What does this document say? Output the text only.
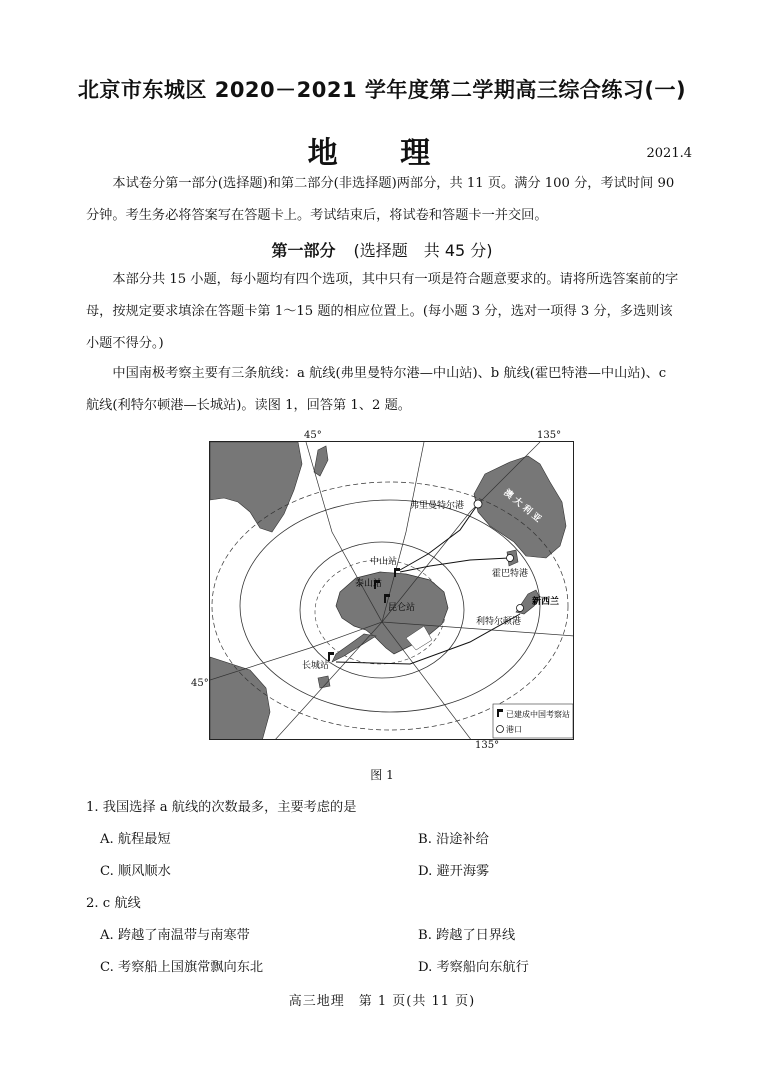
北京市东城区 2020－2021 学年度第二学期高三综合练习(一)
地 理	2021.4

本试卷分第一部分(选择题)和第二部分(非选择题)两部分，共 11 页。满分 100 分，考试时间 90 分钟。考生务必将答案写在答题卡上。考试结束后，将试卷和答题卡一并交回。

第一部分 (选择题　共 45 分)

本部分共 15 小题，每小题均有四个选项，其中只有一项是符合题意要求的。请将所选答案前的字母，按规定要求填涂在答题卡第 1～15 题的相应位置上。(每小题 3 分，选对一项得 3 分，多选则该小题不得分。)

中国南极考察主要有三条航线：a 航线(弗里曼特尔港—中山站)、b 航线(霍巴特港—中山站)、c 航线(利特尔顿港—长城站)。读图 1，回答第 1、2 题。

45°	135°
45°
135°
中山站
泰山站
昆仑站
长城站
弗里曼特尔港
霍巴特港
利特尔顿港
澳 大 利 亚
新西兰
已建成中国考察站
港口
图 1
1. 我国选择 a 航线的次数最多，主要考虑的是
A. 航程最短	B. 沿途补给
C. 顺风顺水	D. 避开海雾
2. c 航线
A. 跨越了南温带与南寒带	B. 跨越了日界线
C. 考察船上国旗常飘向东北	D. 考察船向东航行
高三地理　第 1 页(共 11 页)
